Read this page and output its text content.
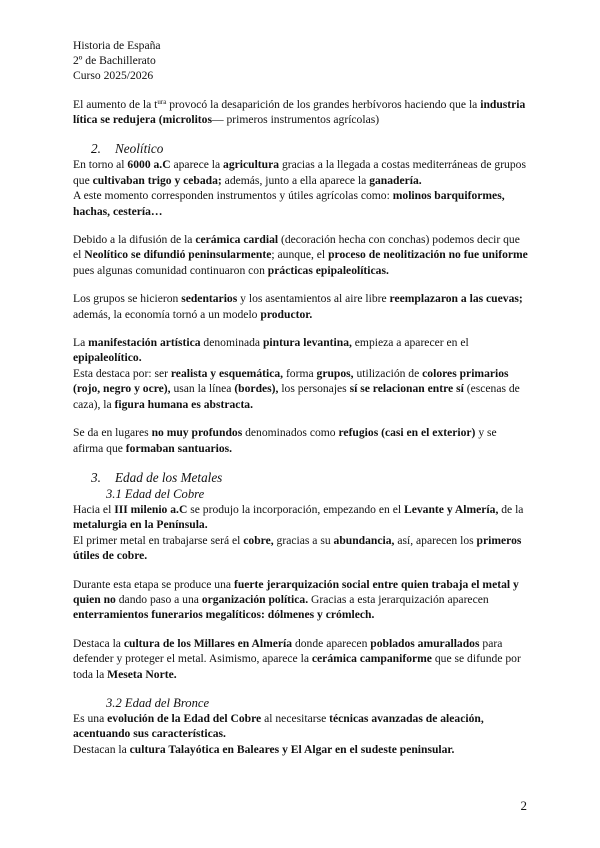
Historia de España
2º de Bachillerato
Curso 2025/2026

El aumento de la $t^{ura}$ provocó la desaparición de los grandes herbívoros haciendo que la industria lítica se redujera (microlitos— primeros instrumentos agrícolas)

2. Neolítico

En torno al 6000 a.C aparece la agricultura gracias a la llegada a costas mediterráneas de grupos que cultivaban trigo y cebada; además, junto a ella aparece la ganadería.

A este momento corresponden instrumentos y útiles agrícolas como: molinos barquiformes, hachas, cestería…

Debido a la difusión de la cerámica cardial (decoración hecha con conchas) podemos decir que el Neolítico se difundió peninsularmente; aunque, el proceso de neolitización no fue uniforme pues algunas comunidad continuaron con prácticas epipaleolíticas.

Los grupos se hicieron sedentarios y los asentamientos al aire libre reemplazaron a las cuevas; además, la economía tornó a un modelo productor.

La manifestación artística denominada pintura levantina, empieza a aparecer en el epipaleolítico.

Esta destaca por: ser realista y esquemática, forma grupos, utilización de colores primarios (rojo, negro y ocre), usan la línea (bordes), los personajes sí se relacionan entre sí (escenas de caza), la figura humana es abstracta.

Se da en lugares no muy profundos denominados como refugios (casi en el exterior) y se afirma que formaban santuarios.

3. Edad de los Metales
3.1 Edad del Cobre

Hacia el III milenio a.C se produjo la incorporación, empezando en el Levante y Almería, de la metalurgia en la Península.

El primer metal en trabajarse será el cobre, gracias a su abundancia, así, aparecen los primeros útiles de cobre.

Durante esta etapa se produce una fuerte jerarquización social entre quien trabaja el metal y quien no dando paso a una organización política. Gracias a esta jerarquización aparecen enterramientos funerarios megalíticos: dólmenes y crómlech.

Destaca la cultura de los Millares en Almería donde aparecen poblados amurallados para defender y proteger el metal. Asimismo, aparece la cerámica campaniforme que se difunde por toda la Meseta Norte.

3.2 Edad del Bronce

Es una evolución de la Edad del Cobre al necesitarse técnicas avanzadas de aleación, acentuando sus características.

Destacan la cultura Talayótica en Baleares y El Algar en el sudeste peninsular.

2
